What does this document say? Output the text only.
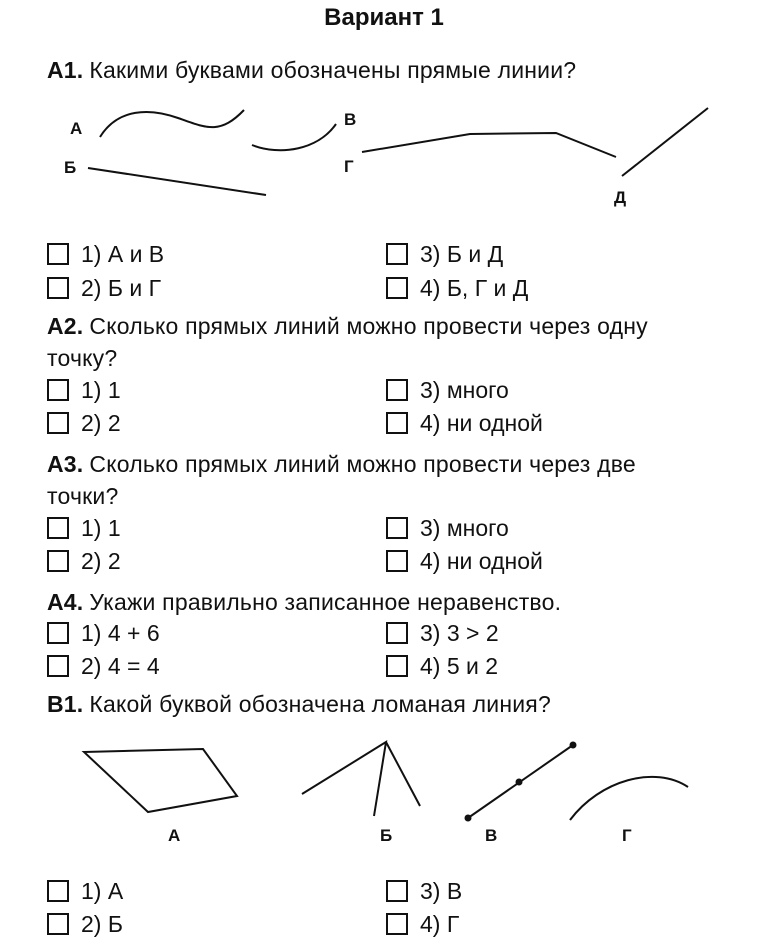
Вариант 1
A1. Какими буквами обозначены прямые линии?
А
Б
В
Г
Д
1) А и В
2) Б и Г
3) Б и Д
4) Б, Г и Д
А2. Сколько прямых линий можно провести через одну
точку?
1) 1
2) 2
3) много
4) ни одной
А3. Сколько прямых линий можно провести через две
точки?
1) 1
2) 2
3) много
4) ни одной
А4. Укажи правильно записанное неравенство.
1) 4 + 6
2) 4 = 4
3) 3 > 2
4) 5 и 2
В1. Какой буквой обозначена ломаная линия?
А	Б	В	Г
1) А
2) Б
3) В
4) Г
